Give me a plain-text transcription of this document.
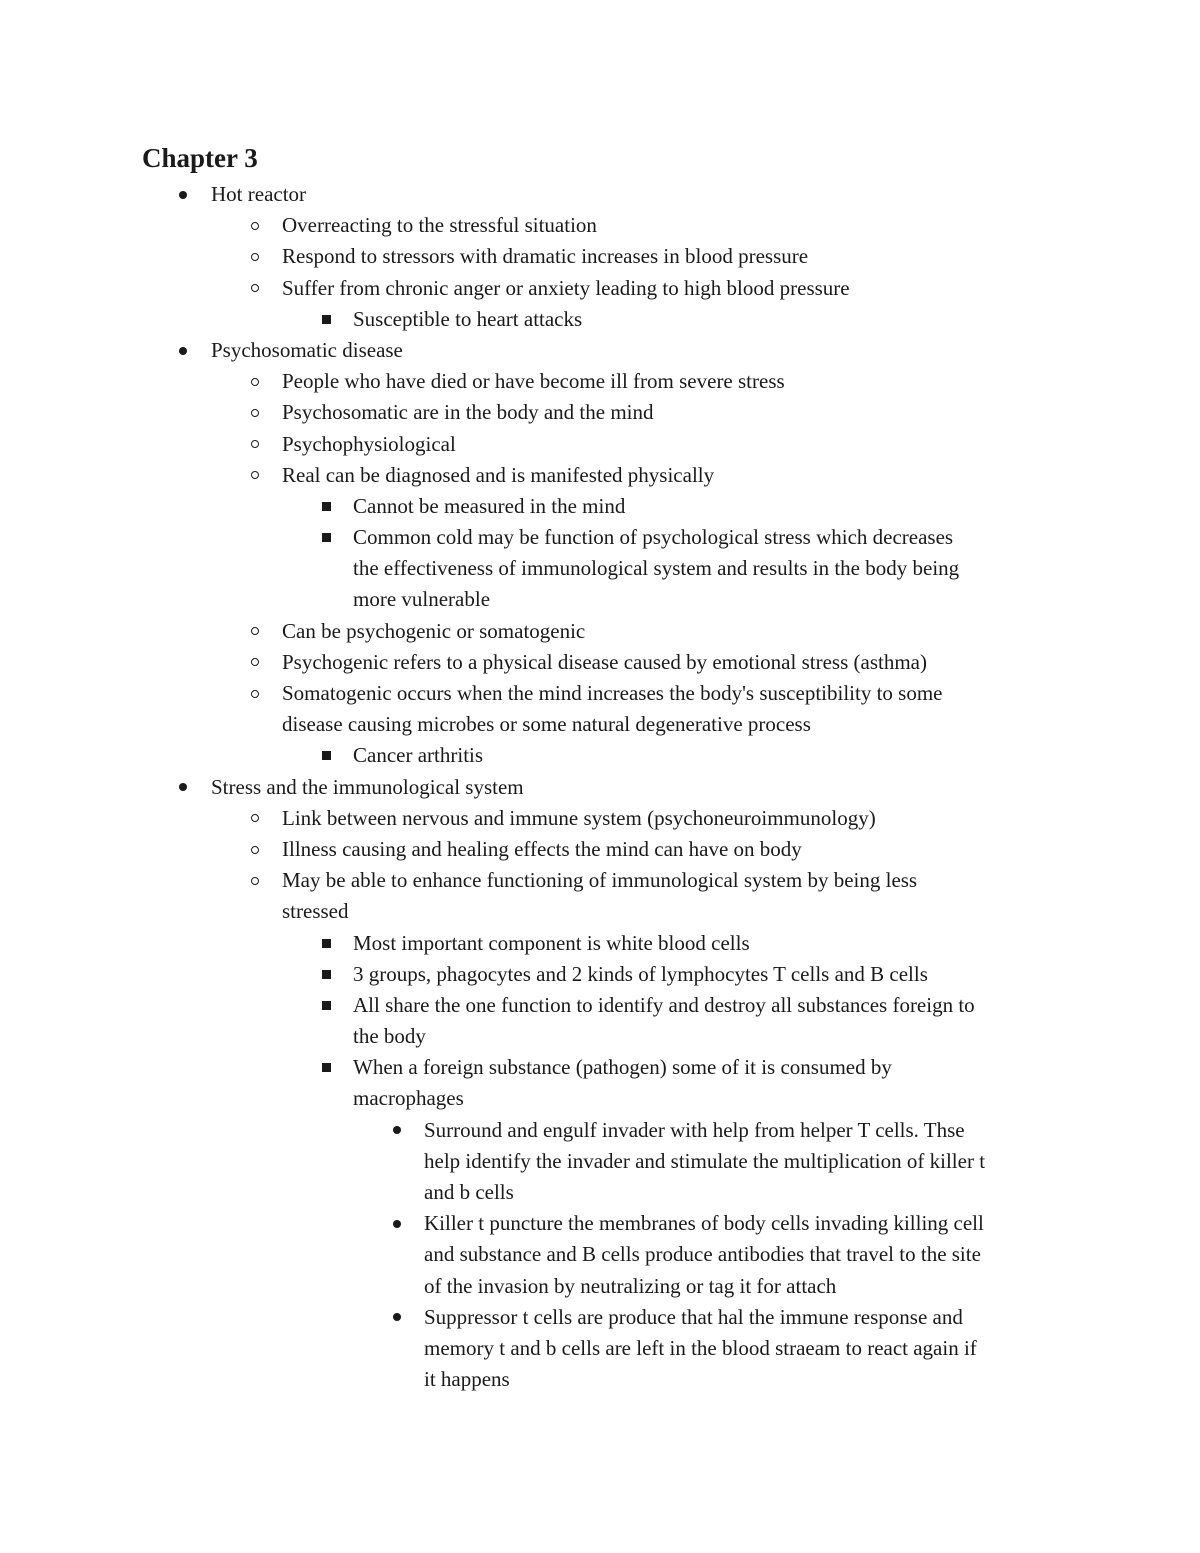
Chapter 3
Hot reactor
Overreacting to the stressful situation
Respond to stressors with dramatic increases in blood pressure
Suffer from chronic anger or anxiety leading to high blood pressure
Susceptible to heart attacks
Psychosomatic disease
People who have died or have become ill from severe stress
Psychosomatic are in the body and the mind
Psychophysiological
Real can be diagnosed and is manifested physically
Cannot be measured in the mind
Common cold may be function of psychological stress which decreases
the effectiveness of immunological system and results in the body being
more vulnerable
Can be psychogenic or somatogenic
Psychogenic refers to a physical disease caused by emotional stress (asthma)
Somatogenic occurs when the mind increases the body's susceptibility to some
disease causing microbes or some natural degenerative process
Cancer arthritis
Stress and the immunological system
Link between nervous and immune system (psychoneuroimmunology)
Illness causing and healing effects the mind can have on body
May be able to enhance functioning of immunological system by being less
stressed
Most important component is white blood cells
3 groups, phagocytes and 2 kinds of lymphocytes T cells and B cells
All share the one function to identify and destroy all substances foreign to
the body
When a foreign substance (pathogen) some of it is consumed by
macrophages
Surround and engulf invader with help from helper T cells. Thse
help identify the invader and stimulate the multiplication of killer t
and b cells
Killer t puncture the membranes of body cells invading killing cell
and substance and B cells produce antibodies that travel to the site
of the invasion by neutralizing or tag it for attach
Suppressor t cells are produce that hal the immune response and
memory t and b cells are left in the blood straeam to react again if
it happens
